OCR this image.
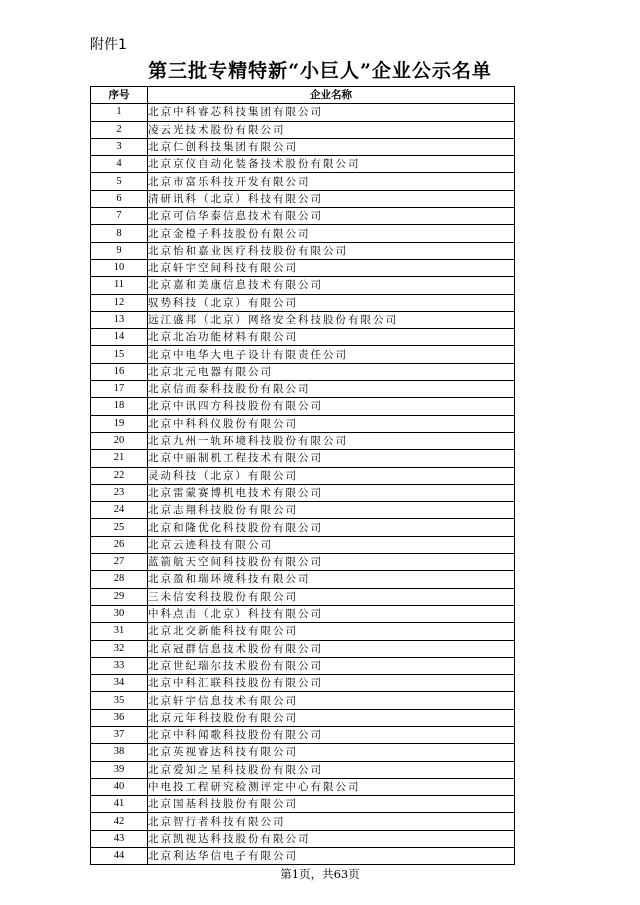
附件1
第三批专精特新“小巨人”企业公示名单
序号	企业名称
1	北京中科睿芯科技集团有限公司
2	凌云光技术股份有限公司
3	北京仁创科技集团有限公司
4	北京京仪自动化装备技术股份有限公司
5	北京市富乐科技开发有限公司
6	清研讯科（北京）科技有限公司
7	北京可信华泰信息技术有限公司
8	北京金橙子科技股份有限公司
9	北京怡和嘉业医疗科技股份有限公司
10	北京轩宇空间科技有限公司
11	北京嘉和美康信息技术有限公司
12	驭势科技（北京）有限公司
13	远江盛邦（北京）网络安全科技股份有限公司
14	北京北冶功能材料有限公司
15	北京中电华大电子设计有限责任公司
16	北京北元电器有限公司
17	北京信而泰科技股份有限公司
18	北京中讯四方科技股份有限公司
19	北京中科科仪股份有限公司
20	北京九州一轨环境科技股份有限公司
21	北京中丽制机工程技术有限公司
22	灵动科技（北京）有限公司
23	北京雷蒙赛博机电技术有限公司
24	北京志翔科技股份有限公司
25	北京和隆优化科技股份有限公司
26	北京云迹科技有限公司
27	蓝箭航天空间科技股份有限公司
28	北京盈和瑞环境科技有限公司
29	三未信安科技股份有限公司
30	中科点击（北京）科技有限公司
31	北京北交新能科技有限公司
32	北京冠群信息技术股份有限公司
33	北京世纪瑞尔技术股份有限公司
34	北京中科汇联科技股份有限公司
35	北京轩宇信息技术有限公司
36	北京元年科技股份有限公司
37	北京中科闻歌科技股份有限公司
38	北京英视睿达科技有限公司
39	北京爱知之星科技股份有限公司
40	中电投工程研究检测评定中心有限公司
41	北京国基科技股份有限公司
42	北京智行者科技有限公司
43	北京凯视达科技股份有限公司
44	北京利达华信电子有限公司
第1页，共63页
